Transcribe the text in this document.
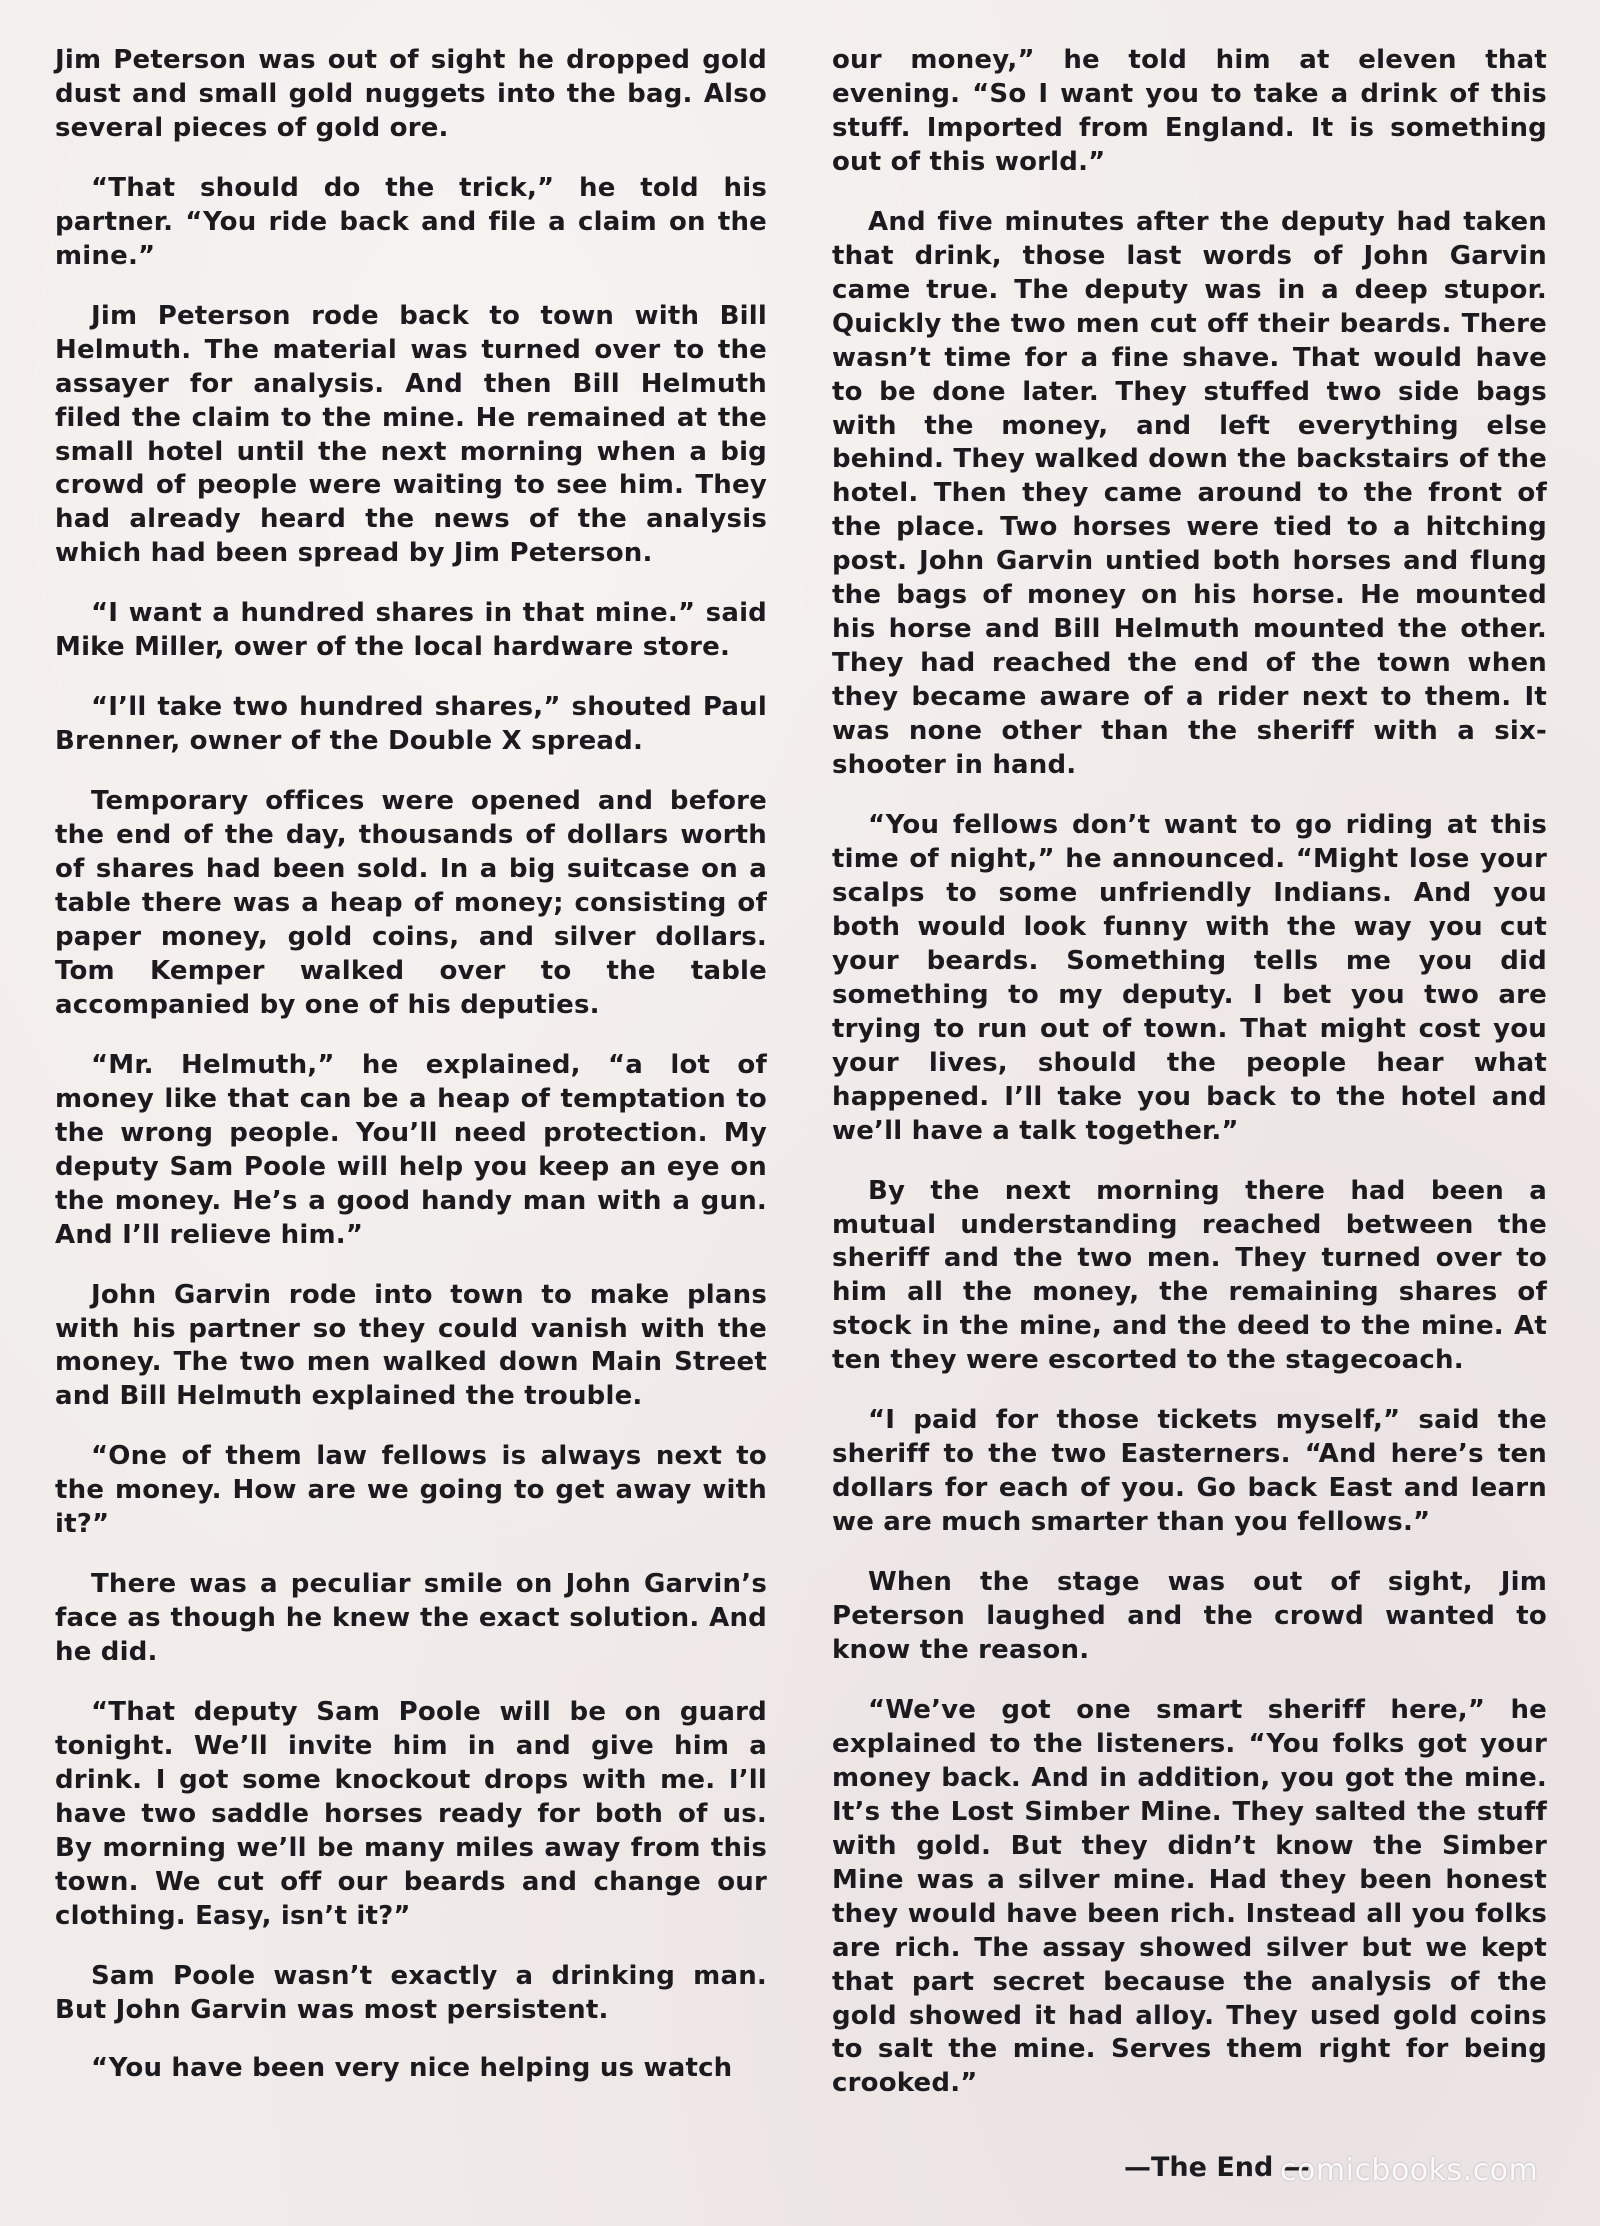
Jim Peterson was out of sight he dropped gold dust and small gold nuggets into the bag. Also several pieces of gold ore.

“That should do the trick,” he told his partner. “You ride back and file a claim on the mine.”

Jim Peterson rode back to town with Bill Helmuth. The material was turned over to the assayer for analysis. And then Bill Helmuth filed the claim to the mine. He remained at the small hotel until the next morning when a big crowd of people were waiting to see him. They had already heard the news of the analysis which had been spread by Jim Peterson.

“I want a hundred shares in that mine.” said Mike Miller, ower of the local hardware store.

“I’ll take two hundred shares,” shouted Paul Brenner, owner of the Double X spread.

Temporary offices were opened and before the end of the day, thousands of dollars worth of shares had been sold. In a big suitcase on a table there was a heap of money; consisting of paper money, gold coins, and silver dollars. Tom Kemper walked over to the table accompanied by one of his deputies.

“Mr. Helmuth,” he explained, “a lot of money like that can be a heap of temptation to the wrong people. You’ll need protection. My deputy Sam Poole will help you keep an eye on the money. He’s a good handy man with a gun. And I’ll relieve him.”

John Garvin rode into town to make plans with his partner so they could vanish with the money. The two men walked down Main Street and Bill Helmuth explained the trouble.

“One of them law fellows is always next to the money. How are we going to get away with it?”

There was a peculiar smile on John Garvin’s face as though he knew the exact solution. And he did.

“That deputy Sam Poole will be on guard tonight. We’ll invite him in and give him a drink. I got some knockout drops with me. I’ll have two saddle horses ready for both of us. By morning we’ll be many miles away from this town. We cut off our beards and change our clothing. Easy, isn’t it?”

Sam Poole wasn’t exactly a drinking man. But John Garvin was most persistent.

“You have been very nice helping us watch

our money,” he told him at eleven that evening. “So I want you to take a drink of this stuff. Imported from England. It is something out of this world.”

And five minutes after the deputy had taken that drink, those last words of John Garvin came true. The deputy was in a deep stupor. Quickly the two men cut off their beards. There wasn’t time for a fine shave. That would have to be done later. They stuffed two side bags with the money, and left everything else behind. They walked down the backstairs of the hotel. Then they came around to the front of the place. Two horses were tied to a hitching post. John Garvin untied both horses and flung the bags of money on his horse. He mounted his horse and Bill Helmuth mounted the other. They had reached the end of the town when they became aware of a rider next to them. It was none other than the sheriff with a six-shooter in hand.

“You fellows don’t want to go riding at this time of night,” he announced. “Might lose your scalps to some unfriendly Indians. And you both would look funny with the way you cut your beards. Something tells me you did something to my deputy. I bet you two are trying to run out of town. That might cost you your lives, should the people hear what happened. I’ll take you back to the hotel and we’ll have a talk together.”

By the next morning there had been a mutual understanding reached between the sheriff and the two men. They turned over to him all the money, the remaining shares of stock in the mine, and the deed to the mine. At ten they were escorted to the stagecoach.

“I paid for those tickets myself,” said the sheriff to the two Easterners. “And here’s ten dollars for each of you. Go back East and learn we are much smarter than you fellows.”

When the stage was out of sight, Jim Peterson laughed and the crowd wanted to know the reason.

“We’ve got one smart sheriff here,” he explained to the listeners. “You folks got your money back. And in addition, you got the mine. It’s the Lost Simber Mine. They salted the stuff with gold. But they didn’t know the Simber Mine was a silver mine. Had they been honest they would have been rich. Instead all you folks are rich. The assay showed silver but we kept that part secret because the analysis of the gold showed it had alloy. They used gold coins to salt the mine. Serves them right for being crooked.”

—The End —
comicbooks.com
